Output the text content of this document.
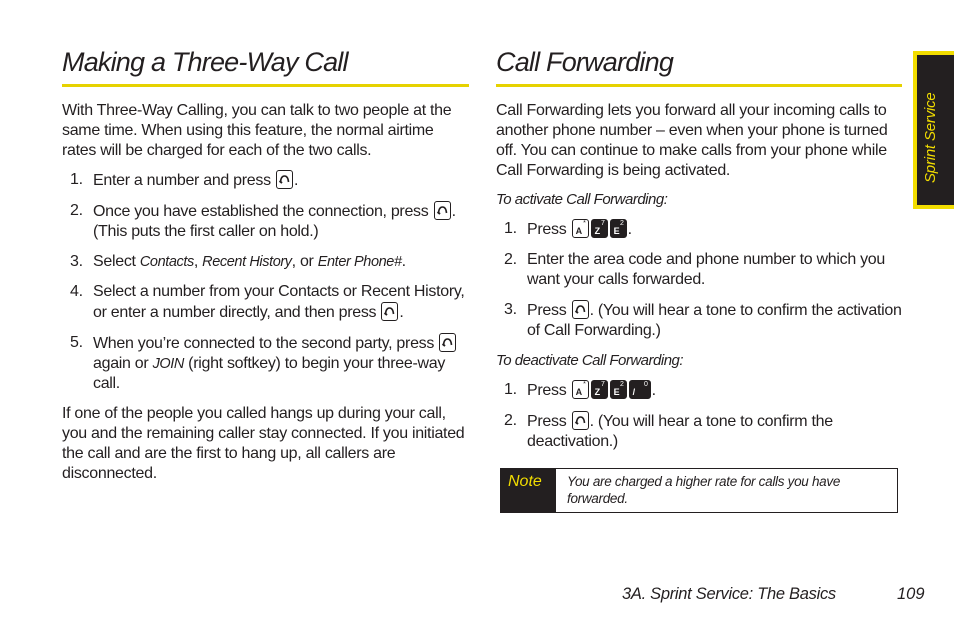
Sprint Service
Making a Three-Way Call

With Three-Way Calling, you can talk to two people at the same time. When using this feature, the normal airtime rates will be charged for each of the two calls.

1. Enter a number and press .
2. Once you have established the connection, press . (This puts the first caller on hold.)
3. Select Contacts, Recent History, or Enter Phone#.
4. Select a number from your Contacts or Recent History, or enter a number directly, and then press .
5. When you’re connected to the second party, press
again or JOIN (right softkey) to begin your three-way call.

If one of the people you called hangs up during your call, you and the remaining caller stay connected. If you initiated the call and are the first to hang up, all callers are disconnected.

Call Forwarding

Call Forwarding lets you forward all your incoming calls to another phone number – even when your phone is turned off. You can continue to make calls from your phone while Call Forwarding is being activated.

To activate Call Forwarding:
1. Press *
A
7
Z
2
E .
2. Enter the area code and phone number to which you want your calls forwarded.
3. Press . (You will hear a tone to confirm the activation of Call Forwarding.)
To deactivate Call Forwarding:
1. Press *
A
7
Z
2
E
0
/ .
2. Press . (You will hear a tone to confirm the deactivation.)
Note	You are charged a higher rate for calls you have forwarded.
3A. Sprint Service: The Basics	109
